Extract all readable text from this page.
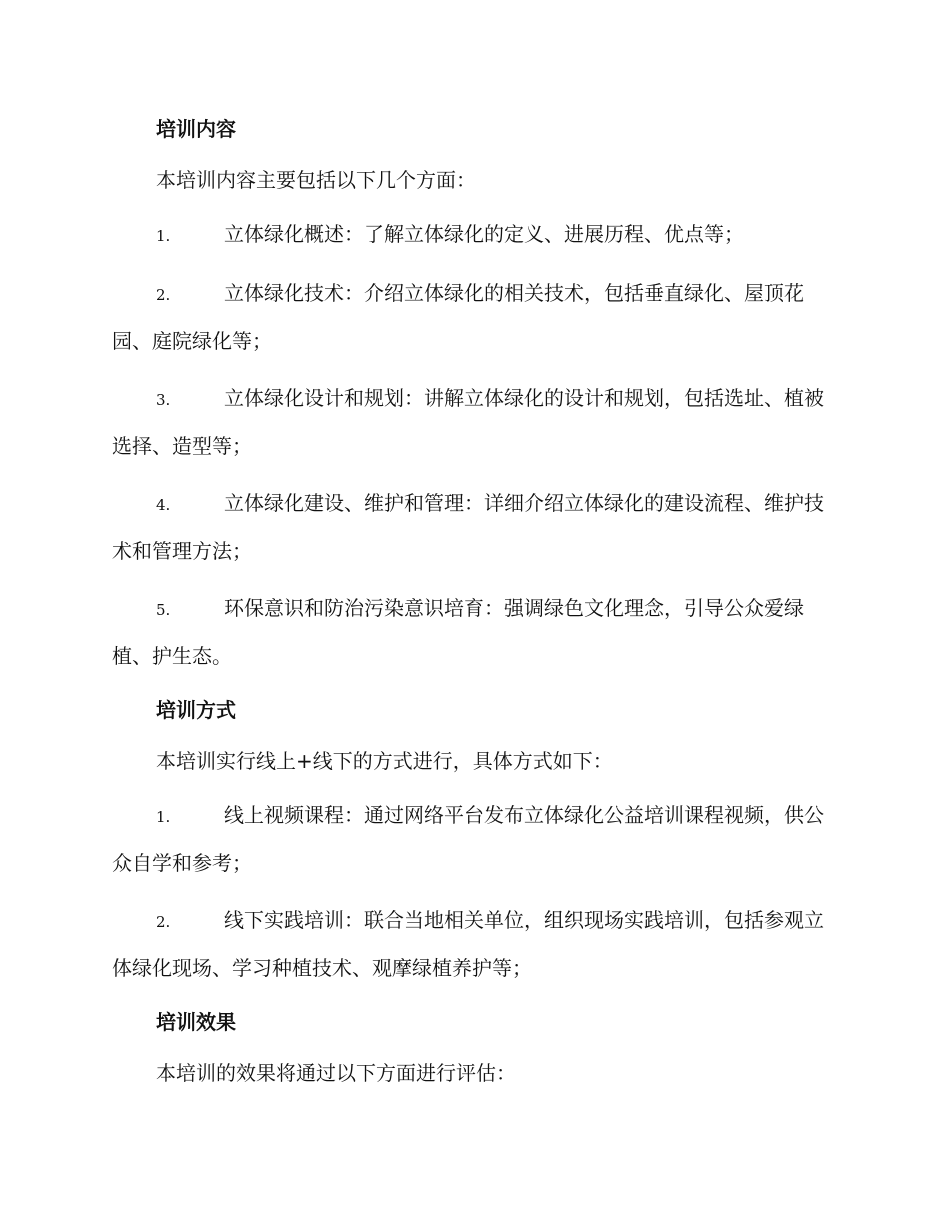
培训内容
本培训内容主要包括以下几个方面：
1.	立体绿化概述：了解立体绿化的定义、进展历程、优点等；
2.	立体绿化技术：介绍立体绿化的相关技术，包括垂直绿化、屋顶花园、庭院绿化等；
3.	立体绿化设计和规划：讲解立体绿化的设计和规划，包括选址、植被选择、造型等；
4.	立体绿化建设、维护和管理：详细介绍立体绿化的建设流程、维护技术和管理方法；
5.	环保意识和防治污染意识培育：强调绿色文化理念，引导公众爱绿植、护生态。
培训方式
本培训实行线上+线下的方式进行，具体方式如下：
1.	线上视频课程：通过网络平台发布立体绿化公益培训课程视频，供公众自学和参考；
2.	线下实践培训：联合当地相关单位，组织现场实践培训，包括参观立体绿化现场、学习种植技术、观摩绿植养护等；
培训效果
本培训的效果将通过以下方面进行评估：
